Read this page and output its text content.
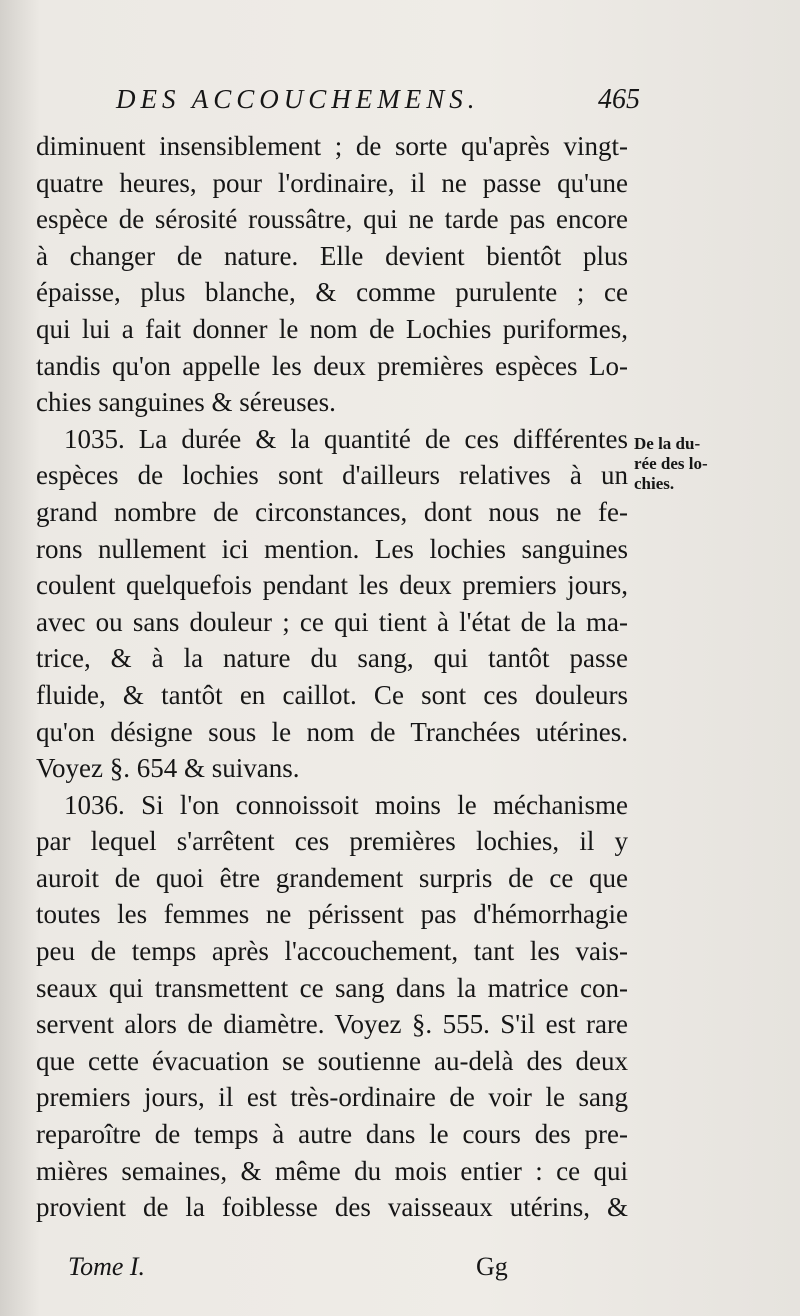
DES ACCOUCHEMENS.	465
diminuent insensiblement ; de sorte qu'après vingt-
quatre heures, pour l'ordinaire, il ne passe qu'une
espèce de sérosité roussâtre, qui ne tarde pas encore
à changer de nature. Elle devient bientôt plus
épaisse, plus blanche, & comme purulente ; ce
qui lui a fait donner le nom de Lochies puriformes,
tandis qu'on appelle les deux premières espèces Lo-
chies sanguines & séreuses.
1035. La durée & la quantité de ces différentes
espèces de lochies sont d'ailleurs relatives à un
grand nombre de circonstances, dont nous ne fe-
rons nullement ici mention. Les lochies sanguines
coulent quelquefois pendant les deux premiers jours,
avec ou sans douleur ; ce qui tient à l'état de la ma-
trice, & à la nature du sang, qui tantôt passe
fluide, & tantôt en caillot. Ce sont ces douleurs
qu'on désigne sous le nom de Tranchées utérines.
Voyez §. 654 & suivans.
1036. Si l'on connoissoit moins le méchanisme
par lequel s'arrêtent ces premières lochies, il y
auroit de quoi être grandement surpris de ce que
toutes les femmes ne périssent pas d'hémorrhagie
peu de temps après l'accouchement, tant les vais-
seaux qui transmettent ce sang dans la matrice con-
servent alors de diamètre. Voyez §. 555. S'il est rare
que cette évacuation se soutienne au-delà des deux
premiers jours, il est très-ordinaire de voir le sang
reparoître de temps à autre dans le cours des pre-
mières semaines, & même du mois entier : ce qui
provient de la foiblesse des vaisseaux utérins, &
De la du-
rée des lo-
chies.
Tome I.	Gg
